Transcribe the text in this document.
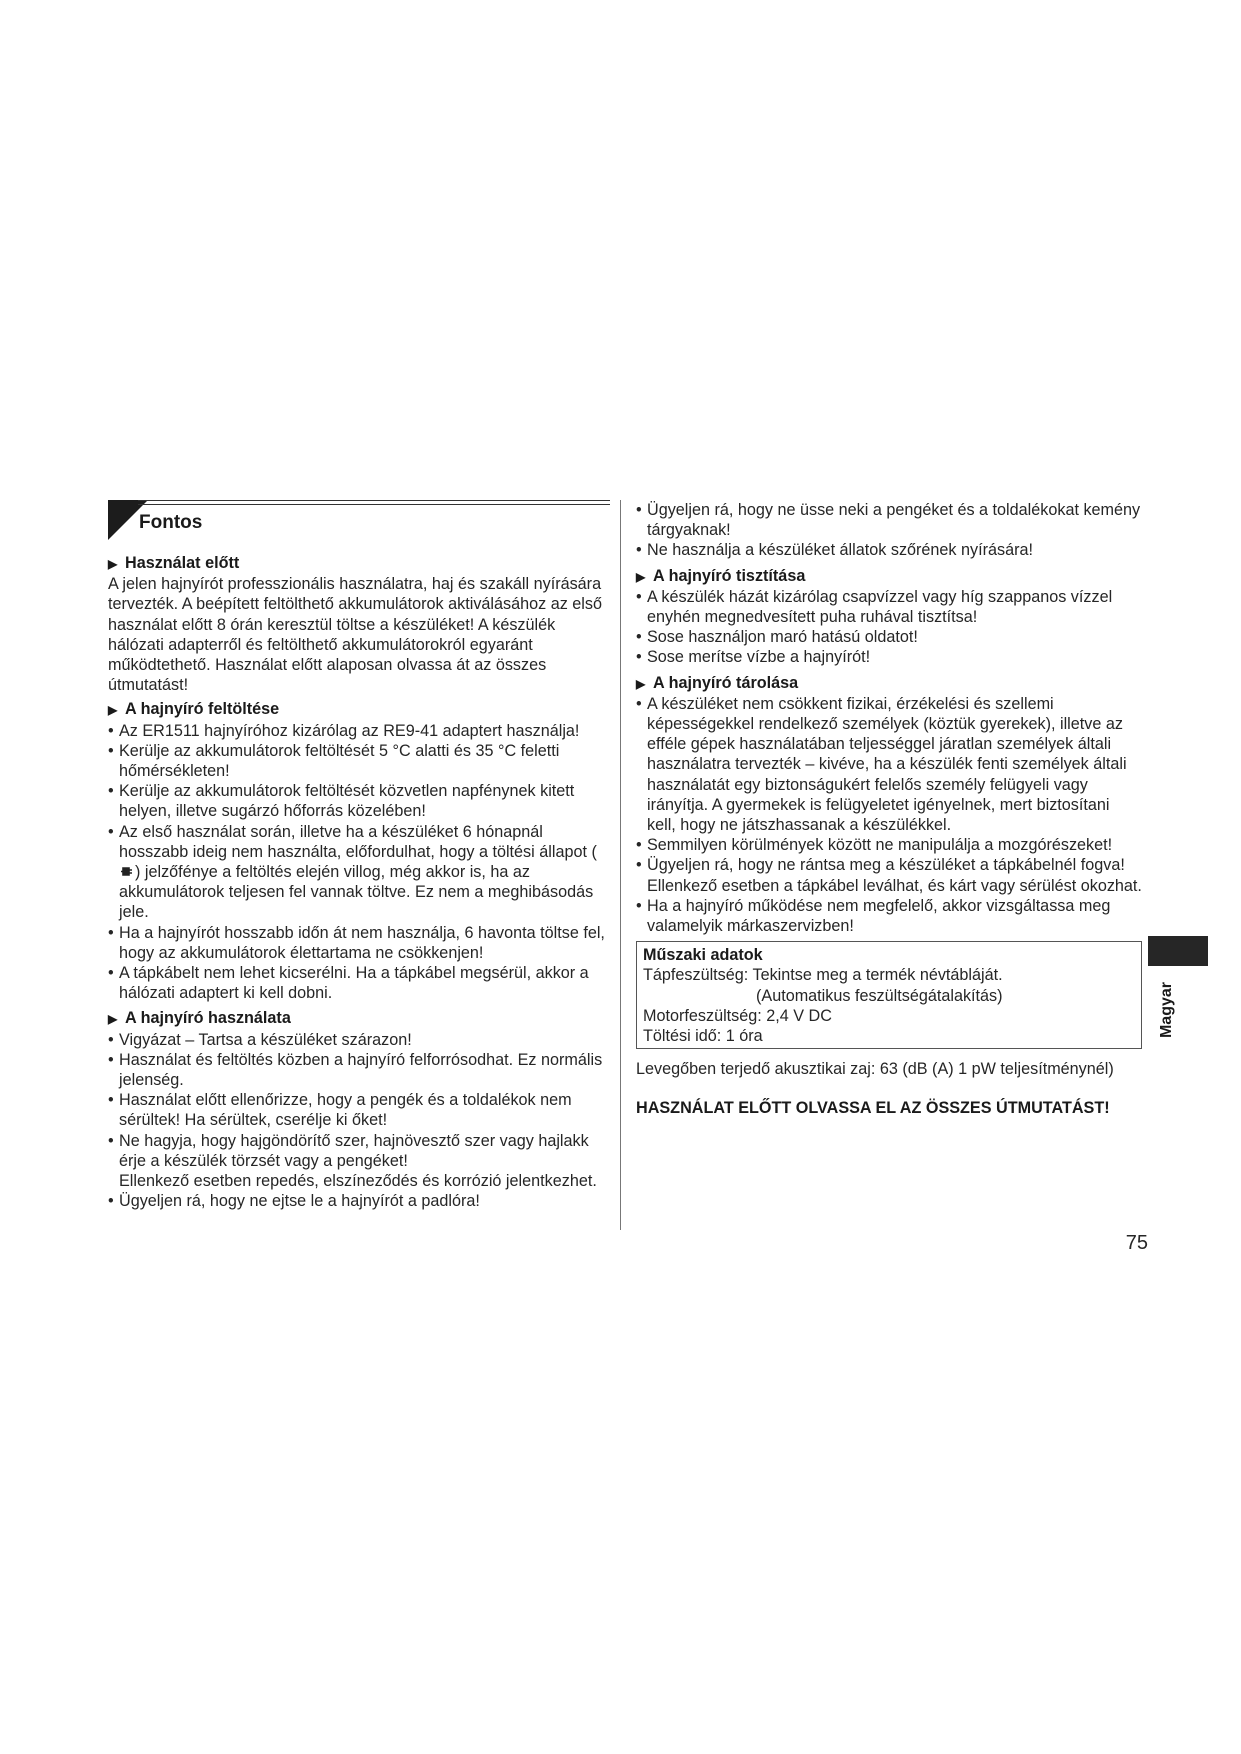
Fontos
▶ Használat előtt

A jelen hajnyírót professzionális használatra, haj és szakáll nyírására tervezték. A beépített feltölthető akkumulátorok aktiválásához az első használat előtt 8 órán keresztül töltse a készüléket! A készülék hálózati adapterről és feltölthető akkumulátorokról egyaránt működtethető. Használat előtt alaposan olvassa át az összes útmutatást!

▶ A hajnyíró feltöltése
• Az ER1511 hajnyíróhoz kizárólag az RE9-41 adaptert használja!
• Kerülje az akkumulátorok feltöltését 5 °C alatti és 35 °C feletti hőmérsékleten!
• Kerülje az akkumulátorok feltöltését közvetlen napfénynek kitett helyen, illetve sugárzó hőforrás közelében!
• Az első használat során, illetve ha a készüléket 6 hónapnál hosszabb ideig nem használta, előfordulhat, hogy a töltési állapot () jelzőfénye a feltöltés elején villog, még akkor is, ha az akkumulátorok teljesen fel vannak töltve. Ez nem a meghibásodás jele.
• Ha a hajnyírót hosszabb időn át nem használja, 6 havonta töltse fel, hogy az akkumulátorok élettartama ne csökkenjen!
• A tápkábelt nem lehet kicserélni. Ha a tápkábel megsérül, akkor a hálózati adaptert ki kell dobni.
▶ A hajnyíró használata
• Vigyázat – Tartsa a készüléket szárazon!
• Használat és feltöltés közben a hajnyíró felforrósodhat. Ez normális jelenség.
• Használat előtt ellenőrizze, hogy a pengék és a toldalékok nem sérültek! Ha sérültek, cserélje ki őket!
• Ne hagyja, hogy hajgöndörítő szer, hajnövesztő szer vagy hajlakk érje a készülék törzsét vagy a pengéket!
Ellenkező esetben repedés, elszíneződés és korrózió jelentkezhet.
• Ügyeljen rá, hogy ne ejtse le a hajnyírót a padlóra!
• Ügyeljen rá, hogy ne üsse neki a pengéket és a toldalékokat kemény tárgyaknak!
• Ne használja a készüléket állatok szőrének nyírására!
▶ A hajnyíró tisztítása
• A készülék házát kizárólag csapvízzel vagy híg szappanos vízzel enyhén megnedvesített puha ruhával tisztítsa!
• Sose használjon maró hatású oldatot!
• Sose merítse vízbe a hajnyírót!
▶ A hajnyíró tárolása
• A készüléket nem csökkent fizikai, érzékelési és szellemi képességekkel rendelkező személyek (köztük gyerekek), illetve az efféle gépek használatában teljességgel járatlan személyek általi használatra tervezték – kivéve, ha a készülék fenti személyek általi használatát egy biztonságukért felelős személy felügyeli vagy irányítja. A gyermekek is felügyeletet igényelnek, mert biztosítani kell, hogy ne játszhassanak a készülékkel.
• Semmilyen körülmények között ne manipulálja a mozgórészeket!
• Ügyeljen rá, hogy ne rántsa meg a készüléket a tápkábelnél fogva! Ellenkező esetben a tápkábel leválhat, és kárt vagy sérülést okozhat.
• Ha a hajnyíró működése nem megfelelő, akkor vizsgáltassa meg valamelyik márkaszervizben!
Műszaki adatok
Tápfeszültség: Tekintse meg a termék névtábláját.
(Automatikus feszültségátalakítás)
Motorfeszültség: 2,4 V DC
Töltési idő: 1 óra

Levegőben terjedő akusztikai zaj: 63 (dB (A) 1 pW teljesítménynél)

HASZNÁLAT ELŐTT OLVASSA EL AZ ÖSSZES ÚTMUTATÁST!

Magyar
75
